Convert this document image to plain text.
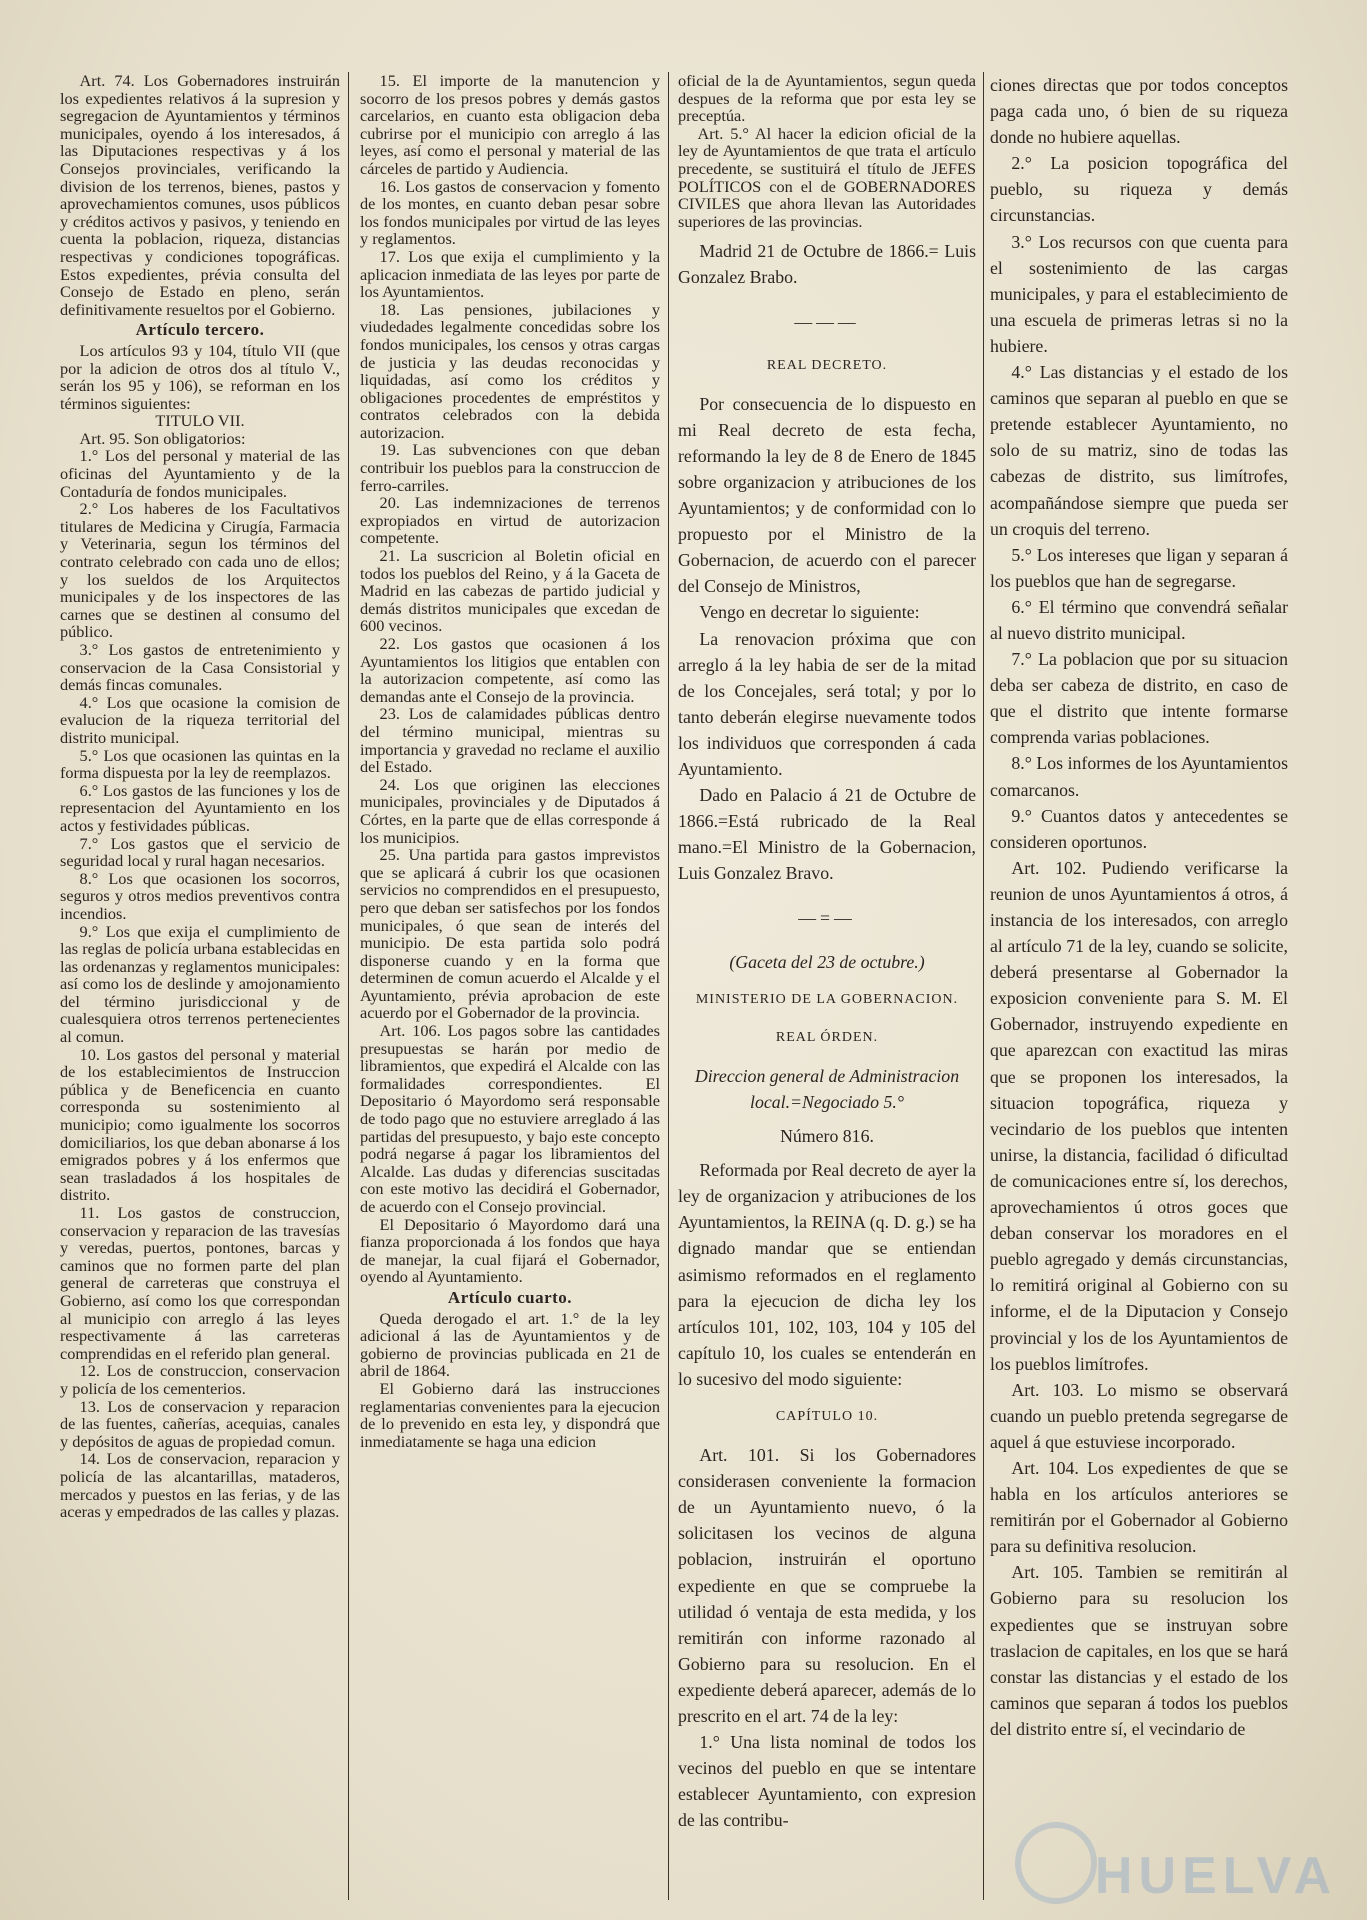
Art. 74. Los Gobernadores instruirán los expedientes relativos á la supresion y segregacion de Ayuntamientos y términos municipales, oyendo á los interesados, á las Diputaciones respectivas y á los Consejos provinciales, verificando la division de los terrenos, bienes, pastos y aprovechamientos comunes, usos públicos y créditos activos y pasivos, y teniendo en cuenta la poblacion, riqueza, distancias respectivas y condiciones topográficas. Estos expedientes, prévia consulta del Consejo de Estado en pleno, serán definitivamente resueltos por el Gobierno.

Artículo tercero.

Los artículos 93 y 104, título VII (que por la adicion de otros dos al título V., serán los 95 y 106), se reforman en los términos siguientes:

TITULO VII.

Art. 95. Son obligatorios:

1.° Los del personal y material de las oficinas del Ayuntamiento y de la Contaduría de fondos municipales.

2.° Los haberes de los Facultativos titulares de Medicina y Cirugía, Farmacia y Veterinaria, segun los términos del contrato celebrado con cada uno de ellos; y los sueldos de los Arquitectos municipales y de los inspectores de las carnes que se destinen al consumo del público.

3.° Los gastos de entretenimiento y conservacion de la Casa Consistorial y demás fincas comunales.

4.° Los que ocasione la comision de evalucion de la riqueza territorial del distrito municipal.

5.° Los que ocasionen las quintas en la forma dispuesta por la ley de reemplazos.

6.° Los gastos de las funciones y los de representacion del Ayuntamiento en los actos y festividades públicas.

7.° Los gastos que el servicio de seguridad local y rural hagan necesarios.

8.° Los que ocasionen los socorros, seguros y otros medios preventivos contra incendios.

9.° Los que exija el cumplimiento de las reglas de policía urbana establecidas en las ordenanzas y reglamentos municipales: así como los de deslinde y amojonamiento del término jurisdiccional y de cualesquiera otros terrenos pertenecientes al comun.

10. Los gastos del personal y material de los establecimientos de Instruccion pública y de Beneficencia en cuanto corresponda su sostenimiento al municipio; como igualmente los socorros domiciliarios, los que deban abonarse á los emigrados pobres y á los enfermos que sean trasladados á los hospitales de distrito.

11. Los gastos de construccion, conservacion y reparacion de las travesías y veredas, puertos, pontones, barcas y caminos que no formen parte del plan general de carreteras que construya el Gobierno, así como los que correspondan al municipio con arreglo á las leyes respectivamente á las carreteras comprendidas en el referido plan general.

12. Los de construccion, conservacion y policía de los cementerios.

13. Los de conservacion y reparacion de las fuentes, cañerías, acequias, canales y depósitos de aguas de propiedad comun.

14. Los de conservacion, reparacion y policía de las alcantarillas, mataderos, mercados y puestos en las ferias, y de las aceras y empedrados de las calles y plazas.

15. El importe de la manutencion y socorro de los presos pobres y demás gastos carcelarios, en cuanto esta obligacion deba cubrirse por el municipio con arreglo á las leyes, así como el personal y material de las cárceles de partido y Audiencia.

16. Los gastos de conservacion y fomento de los montes, en cuanto deban pesar sobre los fondos municipales por virtud de las leyes y reglamentos.

17. Los que exija el cumplimiento y la aplicacion inmediata de las leyes por parte de los Ayuntamientos.

18. Las pensiones, jubilaciones y viudedades legalmente concedidas sobre los fondos municipales, los censos y otras cargas de justicia y las deudas reconocidas y liquidadas, así como los créditos y obligaciones procedentes de empréstitos y contratos celebrados con la debida autorizacion.

19. Las subvenciones con que deban contribuir los pueblos para la construccion de ferro-carriles.

20. Las indemnizaciones de terrenos expropiados en virtud de autorizacion competente.

21. La suscricion al Boletin oficial en todos los pueblos del Reino, y á la Gaceta de Madrid en las cabezas de partido judicial y demás distritos municipales que excedan de 600 vecinos.

22. Los gastos que ocasionen á los Ayuntamientos los litigios que entablen con la autorizacion competente, así como las demandas ante el Consejo de la provincia.

23. Los de calamidades públicas dentro del término municipal, mientras su importancia y gravedad no reclame el auxilio del Estado.

24. Los que originen las elecciones municipales, provinciales y de Diputados á Córtes, en la parte que de ellas corresponde á los municipios.

25. Una partida para gastos imprevistos que se aplicará á cubrir los que ocasionen servicios no comprendidos en el presupuesto, pero que deban ser satisfechos por los fondos municipales, ó que sean de interés del municipio. De esta partida solo podrá disponerse cuando y en la forma que determinen de comun acuerdo el Alcalde y el Ayuntamiento, prévia aprobacion de este acuerdo por el Gobernador de la provincia.

Art. 106. Los pagos sobre las cantidades presupuestas se harán por medio de libramientos, que expedirá el Alcalde con las formalidades correspondientes. El Depositario ó Mayordomo será responsable de todo pago que no estuviere arreglado á las partidas del presupuesto, y bajo este concepto podrá negarse á pagar los libramientos del Alcalde. Las dudas y diferencias suscitadas con este motivo las decidirá el Gobernador, de acuerdo con el Consejo provincial.

El Depositario ó Mayordomo dará una fianza proporcionada á los fondos que haya de manejar, la cual fijará el Gobernador, oyendo al Ayuntamiento.

Artículo cuarto.

Queda derogado el art. 1.° de la ley adicional á las de Ayuntamientos y de gobierno de provincias publicada en 21 de abril de 1864.

El Gobierno dará las instrucciones reglamentarias convenientes para la ejecucion de lo prevenido en esta ley, y dispondrá que inmediatamente se haga una edicion

oficial de la de Ayuntamientos, segun queda despues de la reforma que por esta ley se preceptúa.

Art. 5.° Al hacer la edicion oficial de la ley de Ayuntamientos de que trata el artículo precedente, se sustituirá el título de JEFES POLÍTICOS con el de GOBERNADORES CIVILES que ahora llevan las Autoridades superiores de las provincias.

Madrid 21 de Octubre de 1866.= Luis Gonzalez Brabo.

———
REAL DECRETO.

Por consecuencia de lo dispuesto en mi Real decreto de esta fecha, reformando la ley de 8 de Enero de 1845 sobre organizacion y atribuciones de los Ayuntamientos; y de conformidad con lo propuesto por el Ministro de la Gobernacion, de acuerdo con el parecer del Consejo de Ministros,

Vengo en decretar lo siguiente:

La renovacion próxima que con arreglo á la ley habia de ser de la mitad de los Concejales, será total; y por lo tanto deberán elegirse nuevamente todos los individuos que corresponden á cada Ayuntamiento.

Dado en Palacio á 21 de Octubre de 1866.=Está rubricado de la Real mano.=El Ministro de la Gobernacion, Luis Gonzalez Bravo.

—=—

(Gaceta del 23 de octubre.)

MINISTERIO DE LA GOBERNACION.
REAL ÓRDEN.

Direccion general de Administracion local.=Negociado 5.°

Número 816.

Reformada por Real decreto de ayer la ley de organizacion y atribuciones de los Ayuntamientos, la REINA (q. D. g.) se ha dignado mandar que se entiendan asimismo reformados en el reglamento para la ejecucion de dicha ley los artículos 101, 102, 103, 104 y 105 del capítulo 10, los cuales se entenderán en lo sucesivo del modo siguiente:

CAPÍTULO 10.

Art. 101. Si los Gobernadores considerasen conveniente la formacion de un Ayuntamiento nuevo, ó la solicitasen los vecinos de alguna poblacion, instruirán el oportuno expediente en que se compruebe la utilidad ó ventaja de esta medida, y los remitirán con informe razonado al Gobierno para su resolucion. En el expediente deberá aparecer, además de lo prescrito en el art. 74 de la ley:

1.° Una lista nominal de todos los vecinos del pueblo en que se intentare establecer Ayuntamiento, con expresion de las contribu-

ciones directas que por todos conceptos paga cada uno, ó bien de su riqueza donde no hubiere aquellas.

2.° La posicion topográfica del pueblo, su riqueza y demás circunstancias.

3.° Los recursos con que cuenta para el sostenimiento de las cargas municipales, y para el establecimiento de una escuela de primeras letras si no la hubiere.

4.° Las distancias y el estado de los caminos que separan al pueblo en que se pretende establecer Ayuntamiento, no solo de su matriz, sino de todas las cabezas de distrito, sus limítrofes, acompañándose siempre que pueda ser un croquis del terreno.

5.° Los intereses que ligan y separan á los pueblos que han de segregarse.

6.° El término que convendrá señalar al nuevo distrito municipal.

7.° La poblacion que por su situacion deba ser cabeza de distrito, en caso de que el distrito que intente formarse comprenda varias poblaciones.

8.° Los informes de los Ayuntamientos comarcanos.

9.° Cuantos datos y antecedentes se consideren oportunos.

Art. 102. Pudiendo verificarse la reunion de unos Ayuntamientos á otros, á instancia de los interesados, con arreglo al artículo 71 de la ley, cuando se solicite, deberá presentarse al Gobernador la exposicion conveniente para S. M. El Gobernador, instruyendo expediente en que aparezcan con exactitud las miras que se proponen los interesados, la situacion topográfica, riqueza y vecindario de los pueblos que intenten unirse, la distancia, facilidad ó dificultad de comunicaciones entre sí, los derechos, aprovechamientos ú otros goces que deban conservar los moradores en el pueblo agregado y demás circunstancias, lo remitirá original al Gobierno con su informe, el de la Diputacion y Consejo provincial y los de los Ayuntamientos de los pueblos limítrofes.

Art. 103. Lo mismo se observará cuando un pueblo pretenda segregarse de aquel á que estuviese incorporado.

Art. 104. Los expedientes de que se habla en los artículos anteriores se remitirán por el Gobernador al Gobierno para su definitiva resolucion.

Art. 105. Tambien se remitirán al Gobierno para su resolucion los expedientes que se instruyan sobre traslacion de capitales, en los que se hará constar las distancias y el estado de los caminos que separan á todos los pueblos del distrito entre sí, el vecindario de

HUELVA
